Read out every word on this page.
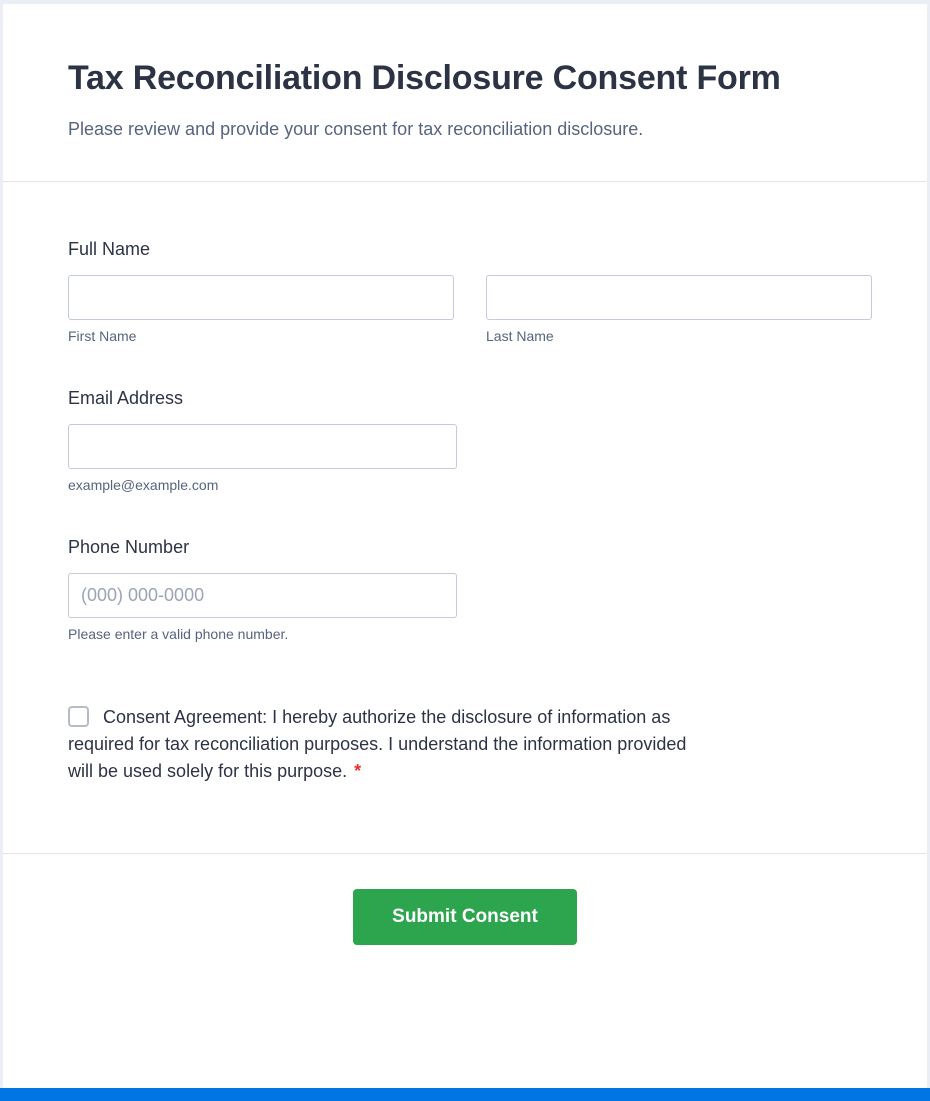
Tax Reconciliation Disclosure Consent Form

Please review and provide your consent for tax reconciliation disclosure.

Full Name
First Name	Last Name
Email Address
example@example.com
Phone Number
(000) 000-0000
Please enter a valid phone number.
Consent Agreement: I hereby authorize the disclosure of information as required for tax reconciliation purposes. I understand the information provided will be used solely for this purpose. *
Submit Consent
